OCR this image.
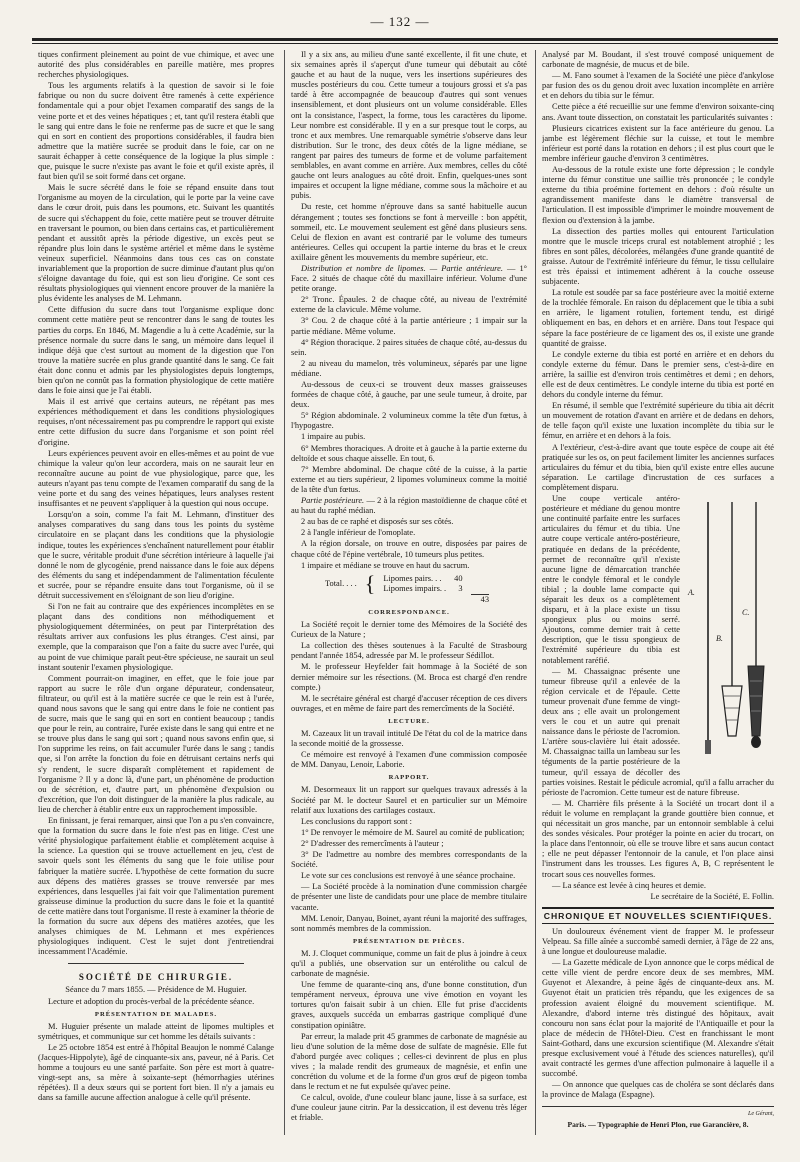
— 132 —

tiques confirment pleinement au point de vue chimique, et avec une autorité des plus considérables en pareille matière, mes propres recherches physiologiques.

Tous les arguments relatifs à la question de savoir si le foie fabrique ou non du sucre doivent être ramenés à cette expérience fondamentale qui a pour objet l'examen comparatif des sangs de la veine porte et et des veines hépatiques ; et, tant qu'il restera établi que le sang qui entre dans le foie ne renferme pas de sucre et que le sang qui en sort en contient des proportions considérables, il faudra bien admettre que la matière sucrée se produit dans le foie, car on ne saurait échapper à cette conséquence de la logique la plus simple : que, puisque le sucre n'existe pas avant le foie et qu'il existe après, il faut bien qu'il se soit formé dans cet organe.

Mais le sucre sécrété dans le foie se répand ensuite dans tout l'organisme au moyen de la circulation, qui le porte par la veine cave dans le cœur droit, puis dans les poumons, etc. Suivant les quantités de sucre qui s'échappent du foie, cette matière peut se trouver détruite en traversant le poumon, ou bien dans certains cas, et particulièrement pendant et aussitôt après la période digestive, un excès peut se répandre plus loin dans le système artériel et même dans le système veineux superficiel. Néanmoins dans tous ces cas on constate invariablement que la proportion de sucre diminue d'autant plus qu'on s'éloigne davantage du foie, qui est son lieu d'origine. Ce sont ces résultats physiologiques qui viennent encore prouver de la manière la plus évidente les analyses de M. Lehmann.

Cette diffusion du sucre dans tout l'organisme explique donc comment cette matière peut se rencontrer dans le sang de toutes les parties du corps. En 1846, M. Magendie a lu à cette Académie, sur la présence normale du sucre dans le sang, un mémoire dans lequel il indique déjà que c'est surtout au moment de la digestion que l'on trouve la matière sucrée en plus grande quantité dans le sang. Ce fait était donc connu et admis par les physiologistes depuis longtemps, bien qu'on ne connût pas la formation physiologique de cette matière dans le foie ainsi que je l'ai établi.

Mais il est arrivé que certains auteurs, ne répétant pas mes expériences méthodiquement et dans les conditions physiologiques requises, n'ont nécessairement pas pu comprendre le rapport qui existe entre cette diffusion du sucre dans l'organisme et son point réel d'origine.

Leurs expériences peuvent avoir en elles-mêmes et au point de vue chimique la valeur qu'on leur accordera, mais on ne saurait leur en reconnaître aucune au point de vue physiologique, parce que, les auteurs n'ayant pas tenu compte de l'examen comparatif du sang de la veine porte et du sang des veines hépatiques, leurs analyses restent insuffisantes et ne peuvent s'appliquer à la question qui nous occupe.

Lorsqu'on a soin, comme l'a fait M. Lehmann, d'instituer des analyses comparatives du sang dans tous les points du système circulatoire en se plaçant dans les conditions que la physiologie indique, toutes les expériences s'enchaînent naturellement pour établir que le sucre, véritable produit d'une sécrétion intérieure à laquelle j'ai donné le nom de glycogénie, prend naissance dans le foie aux dépens des éléments du sang et indépendamment de l'alimentation féculente et sucrée, pour se répandre ensuite dans tout l'organisme, où il se détruit successivement en s'éloignant de son lieu d'origine.

Si l'on ne fait au contraire que des expériences incomplètes en se plaçant dans des conditions non méthodiquement et physiologiquement déterminées, on peut par l'interprétation des résultats arriver aux confusions les plus étranges. C'est ainsi, par exemple, que la comparaison que l'on a faite du sucre avec l'urée, qui au point de vue chimique paraît peut-être spécieuse, ne saurait un seul instant soutenir l'examen physiologique.

Comment pourrait-on imaginer, en effet, que le foie joue par rapport au sucre le rôle d'un organe dépurateur, condensateur, filtrateur, ou qu'il est à la matière sucrée ce que le rein est à l'urée, quand nous savons que le sang qui entre dans le foie ne contient pas de sucre, mais que le sang qui en sort en contient beaucoup ; tandis que pour le rein, au contraire, l'urée existe dans le sang qui entre et ne se trouve plus dans le sang qui sort ; quand nous savons enfin que, si l'on supprime les reins, on fait accumuler l'urée dans le sang ; tandis que, si l'on arrête la fonction du foie en détruisant certains nerfs qui s'y rendent, le sucre disparaît complètement et rapidement de l'organisme ? Il y a donc là, d'une part, un phénomène de production ou de sécrétion, et, d'autre part, un phénomène d'expulsion ou d'excrétion, que l'on doit distinguer de la manière la plus radicale, au lieu de chercher à établir entre eux un rapprochement impossible.

En finissant, je ferai remarquer, ainsi que l'on a pu s'en convaincre, que la formation du sucre dans le foie n'est pas en litige. C'est une vérité physiologique parfaitement établie et complètement acquise à la science. La question qui se trouve actuellement en jeu, c'est de savoir quels sont les éléments du sang que le foie utilise pour fabriquer la matière sucrée. L'hypothèse de cette formation du sucre aux dépens des matières grasses se trouve renversée par mes expériences, dans lesquelles j'ai fait voir que l'alimentation purement graisseuse diminue la production du sucre dans le foie et la quantité de cette matière dans tout l'organisme. Il reste à examiner la théorie de la formation du sucre aux dépens des matières azotées, que les analyses chimiques de M. Lehmann et mes expériences physiologiques indiquent. C'est le sujet dont j'entretiendrai incessamment l'Académie.

SOCIÉTÉ DE CHIRURGIE.

Séance du 7 mars 1855. — Présidence de M. Huguier.

Lecture et adoption du procès-verbal de la précédente séance.

PRÉSENTATION DE MALADES.

M. Huguier présente un malade atteint de lipomes multiples et symétriques, et communique sur cet homme les détails suivants :

Le 25 octobre 1854 est entré à l'hôpital Beaujon le nommé Calange (Jacques-Hippolyte), âgé de cinquante-six ans, paveur, né à Paris. Cet homme a toujours eu une santé parfaite. Son père est mort à quatre-vingt-sept ans, sa mère à soixante-sept (hémorrhagies utérines répétées). Il a deux sœurs qui se portent fort bien. Il n'y a jamais eu dans sa famille aucune affection analogue à celle qu'il présente.

Il y a six ans, au milieu d'une santé excellente, il fit une chute, et six semaines après il s'aperçut d'une tumeur qui débutait au côté gauche et au haut de la nuque, vers les insertions supérieures des muscles postérieurs du cou. Cette tumeur a toujours grossi et s'a pas tardé à être accompagnée de beaucoup d'autres qui sont venues insensiblement, et dont plusieurs ont un volume considérable. Elles ont la consistance, l'aspect, la forme, tous les caractères du lipome. Leur nombre est considérable. Il y en a sur presque tout le corps, au tronc et aux membres. Une remarquable symétrie s'observe dans leur distribution. Sur le tronc, des deux côtés de la ligne médiane, se rangent par paires des tumeurs de forme et de volume parfaitement semblables, en avant comme en arrière. Aux membres, celles du côté gauche ont leurs analogues au côté droit. Enfin, quelques-unes sont impaires et occupent la ligne médiane, comme sous la mâchoire et au pubis.

Du reste, cet homme n'éprouve dans sa santé habituelle aucun dérangement ; toutes ses fonctions se font à merveille : bon appétit, sommeil, etc. Le mouvement seulement est gêné dans plusieurs sens. Celui de flexion en avant est contrarié par le volume des tumeurs antérieures. Celles qui occupent la partie interne du bras et le creux axillaire gênent les mouvements du membre supérieur, etc.

Distribution et nombre de lipomes. — Partie antérieure. — 1° Face. 2 situés de chaque côté du maxillaire inférieur. Volume d'une petite orange.

2° Tronc. Épaules. 2 de chaque côté, au niveau de l'extrémité externe de la clavicule. Même volume.

3° Cou. 2 de chaque côté à la partie antérieure ; 1 impair sur la partie médiane. Même volume.

4° Région thoracique. 2 paires situées de chaque côté, au-dessus du sein.

2 au niveau du mamelon, très volumineux, séparés par une ligne médiane.

Au-dessous de ceux-ci se trouvent deux masses graisseuses formées de chaque côté, à gauche, par une seule tumeur, à droite, par deux.

5° Région abdominale. 2 volumineux comme la tête d'un fœtus, à l'hypogastre.

1 impaire au pubis.

6° Membres thoraciques. A droite et à gauche à la partie externe du deltoïde et sous chaque aisselle. En tout, 6.

7° Membre abdominal. De chaque côté de la cuisse, à la partie externe et au tiers supérieur, 2 lipomes volumineux comme la moitié de la tête d'un fœtus.

Partie postérieure. — 2 à la région mastoïdienne de chaque côté et au haut du raphé médian.

2 au bas de ce raphé et disposés sur ses côtés.

2 à l'angle inférieur de l'omoplate.

A la région dorsale, on trouve en outre, disposées par paires de chaque côté de l'épine vertébrale, 10 tumeurs plus petites.

1 impaire et médiane se trouve en haut du sacrum.

Total. . . .	{	Lipomes pairs. . .	40
		Lipomes impairs. .	3
43
CORRESPONDANCE.

La Société reçoit le dernier tome des Mémoires de la Société des Curieux de la Nature ;

La collection des thèses soutenues à la Faculté de Strasbourg pendant l'année 1854, adressée par M. le professeur Sédillot.

M. le professeur Heyfelder fait hommage à la Société de son dernier mémoire sur les résections. (M. Broca est chargé d'en rendre compte.)

M. le secrétaire général est chargé d'accuser réception de ces divers ouvrages, et en même de faire part des remercîments de la Société.

LECTURE.

M. Cazeaux lit un travail intitulé De l'état du col de la matrice dans la seconde moitié de la grossesse.

Ce mémoire est renvoyé à l'examen d'une commission composée de MM. Danyau, Lenoir, Laborie.

RAPPORT.

M. Desormeaux lit un rapport sur quelques travaux adressés à la Société par M. le docteur Saurel et en particulier sur un Mémoire relatif aux luxations des cartilages costaux.

Les conclusions du rapport sont :

1° De renvoyer le mémoire de M. Saurel au comité de publication;

2° D'adresser des remercîments à l'auteur ;

3° De l'admettre au nombre des membres correspondants de la Société.

Le vote sur ces conclusions est renvoyé à une séance prochaine.

— La Société procède à la nomination d'une commission chargée de présenter une liste de candidats pour une place de membre titulaire vacante.

MM. Lenoir, Danyau, Boinet, ayant réuni la majorité des suffrages, sont nommés membres de la commission.

PRÉSENTATION DE PIÈCES.

M. J. Cloquet communique, comme un fait de plus à joindre à ceux qu'il a publiés, une observation sur un entérolithe ou calcul de carbonate de magnésie.

Une femme de quarante-cinq ans, d'une bonne constitution, d'un tempérament nerveux, éprouva une vive émotion en voyant les tortures qu'on faisait subir à un chien. Elle fut prise d'accidents graves, auxquels succéda un embarras gastrique compliqué d'une constipation opiniâtre.

Par erreur, la malade prit 45 grammes de carbonate de magnésie au lieu d'une solution de la même dose de sulfate de magnésie. Elle fut d'abord purgée avec coliques ; celles-ci devinrent de plus en plus vives ; la malade rendit des grumeaux de magnésie, et enfin une concrétion du volume et de la forme d'un gros œuf de pigeon tomba dans le rectum et ne fut expulsée qu'avec peine.

Ce calcul, ovoïde, d'une couleur blanc jaune, lisse à sa surface, est d'une couleur jaune citrin. Par la dessiccation, il est devenu très léger et friable.

Analysé par M. Boudant, il s'est trouvé composé uniquement de carbonate de magnésie, de mucus et de bile.

— M. Fano soumet à l'examen de la Société une pièce d'ankylose par fusion des os du genou droit avec luxation incomplète en arrière et en dehors du tibia sur le fémur.

Cette pièce a été recueillie sur une femme d'environ soixante-cinq ans. Avant toute dissection, on constatait les particularités suivantes :

Plusieurs cicatrices existent sur la face antérieure du genou. La jambe est légèrement fléchie sur la cuisse, et tout le membre inférieur est porté dans la rotation en dehors ; il est plus court que le membre inférieur gauche d'environ 3 centimètres.

Au-dessous de la rotule existe une forte dépression ; le condyle interne du fémur constitue une saillie très prononcée ; le condyle externe du tibia proémine fortement en dehors : d'où résulte un agrandissement manifeste dans le diamètre transversal de l'articulation. Il est impossible d'imprimer le moindre mouvement de flexion ou d'extension à la jambe.

La dissection des parties molles qui entourent l'articulation montre que le muscle triceps crural est notablement atrophié ; les fibres en sont pâles, décolorées, mélangées d'une grande quantité de graisse. Autour de l'extrémité inférieure du fémur, le tissu cellulaire est très épaissi et intimement adhérent à la couche osseuse subjacente.

La rotule est soudée par sa face postérieure avec la moitié externe de la trochlée fémorale. En raison du déplacement que le tibia a subi en arrière, le ligament rotulien, fortement tendu, est dirigé obliquement en bas, en dehors et en arrière. Dans tout l'espace qui sépare la face postérieure de ce ligament des os, il existe une grande quantité de graisse.

Le condyle externe du tibia est porté en arrière et en dehors du condyle externe du fémur. Dans le premier sens, c'est-à-dire en arrière, la saillie est d'environ trois centimètres et demi ; en dehors, elle est de deux centimètres. Le condyle interne du tibia est porté en dehors du condyle interne du fémur.

En résumé, il semble que l'extrémité supérieure du tibia ait décrit un mouvement de rotation d'avant en arrière et de dedans en dehors, de telle façon qu'il existe une luxation incomplète du tibia sur le fémur, en arrière et en dehors à la fois.

A l'extérieur, c'est-à-dire avant que toute espèce de coupe ait été pratiquée sur les os, on peut facilement limiter les anciennes surfaces articulaires du fémur et du tibia, bien qu'il existe entre elles aucune séparation. Le cartilage d'incrustation de ces surfaces a complètement disparu.

A.
B.
C.

Une coupe verticale antéro-postérieure et médiane du genou montre une continuité parfaite entre les surfaces articulaires du fémur et du tibia. Une autre coupe verticale antéro-postérieure, pratiquée en dedans de la précédente, permet de reconnaître qu'il n'existe aucune ligne de démarcation tranchée entre le condyle fémoral et le condyle tibial ; la double lame compacte qui séparait les deux os a complètement disparu, et à la place existe un tissu spongieux plus ou moins serré. Ajoutons, comme dernier trait à cette description, que le tissu spongieux de l'extrémité supérieure du tibia est notablement raréfié.

— M. Chassaignac présente une tumeur fibreuse qu'il a enlevée de la région cervicale et de l'épaule. Cette tumeur provenait d'une femme de vingt-deux ans ; elle avait un prolongement vers le cou et un autre qui prenait naissance dans le périoste de l'acromion. L'artère sous-clavière lui était adossée. M. Chassaignac tailla un lambeau sur les téguments de la partie postérieure de la tumeur, qu'il essaya de décoller des parties voisines. Restait le pédicule acromial, qu'il a fallu arracher du périoste de l'acromion. Cette tumeur est de nature fibreuse.

— M. Charrière fils présente à la Société un trocart dont il a réduit le volume en remplaçant la grande gouttière bien connue, et qui nécessitait un gros manche, par un entonnoir semblable à celui des sondes vésicales. Pour protéger la pointe en acier du trocart, on la place dans l'entonnoir, où elle se trouve libre et sans aucun contact ; elle ne peut dépasser l'entonnoir de la canule, et l'on place ainsi l'instrument dans les trousses. Les figures A, B, C représentent le trocart sous ces nouvelles formes.

— La séance est levée à cinq heures et demie.

Le secrétaire de la Société, E. Follin.

CHRONIQUE ET NOUVELLES SCIENTIFIQUES.

Un douloureux événement vient de frapper M. le professeur Velpeau. Sa fille aînée a succombé samedi dernier, à l'âge de 22 ans, à une longue et douloureuse maladie.

— La Gazette médicale de Lyon annonce que le corps médical de cette ville vient de perdre encore deux de ses membres, MM. Guyenot et Alexandre, à peine âgés de cinquante-deux ans. M. Guyenot était un praticien très répandu, que les exigences de sa profession avaient éloigné du mouvement scientifique. M. Alexandre, d'abord interne très distingué des hôpitaux, avait concouru non sans éclat pour la majorité de l'Antiquaille et pour la place de médecin de l'Hôtel-Dieu. C'est en franchissant le mont Saint-Gothard, dans une excursion scientifique (M. Alexandre s'était presque exclusivement voué à l'étude des sciences naturelles), qu'il avait contracté les germes d'une affection pulmonaire à laquelle il a succombé.

— On annonce que quelques cas de choléra se sont déclarés dans la province de Malaga (Espagne).

Le Gérant,
Paris. — Typographie de Henri Plon, rue Garancière, 8.
